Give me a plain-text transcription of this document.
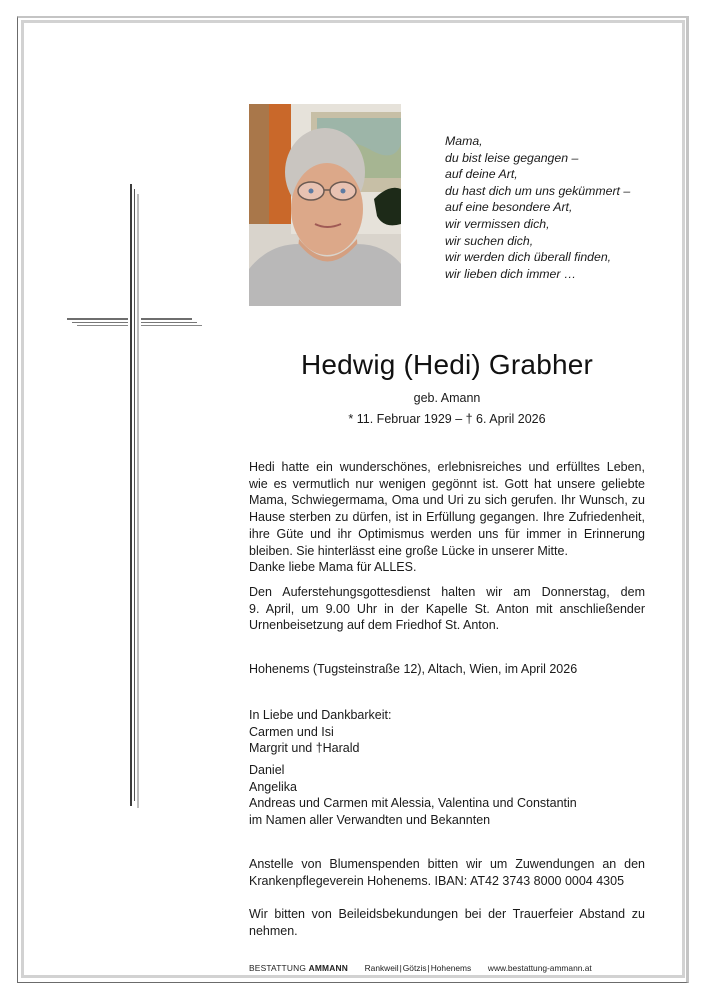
Mama,
du bist leise gegangen –
auf deine Art,
du hast dich um uns gekümmert –
auf eine besondere Art,
wir vermissen dich,
wir suchen dich,
wir werden dich überall finden,
wir lieben dich immer …
Hedwig (Hedi) Grabher
geb. Amann
* 11. Februar 1929 – † 6. April 2026
Hedi hatte ein wunderschönes, erlebnisreiches und erfülltes Leben,
wie es vermutlich nur wenigen gegönnt ist. Gott hat unsere geliebte
Mama, Schwiegermama, Oma und Uri zu sich gerufen. Ihr Wunsch, zu
Hause sterben zu dürfen, ist in Erfüllung gegangen. Ihre Zufriedenheit,
ihre Güte und ihr Optimismus werden uns für immer in Erinnerung
bleiben. Sie hinterlässt eine große Lücke in unserer Mitte.
Danke liebe Mama für ALLES.
Den Auferstehungsgottesdienst halten wir am Donnerstag, dem
9. April, um 9.00 Uhr in der Kapelle St. Anton mit anschließender
Urnenbeisetzung auf dem Friedhof St. Anton.
Hohenems (Tugsteinstraße 12), Altach, Wien, im April 2026
In Liebe und Dankbarkeit:
Carmen und Isi
Margrit und †Harald
Daniel
Angelika
Andreas und Carmen mit Alessia, Valentina und Constantin
im Namen aller Verwandten und Bekannten
Anstelle von Blumenspenden bitten wir um Zuwendungen an den
Krankenpflegeverein Hohenems. IBAN: AT42 3743 8000 0004 4305
Wir bitten von Beileidsbekundungen bei der Trauerfeier Abstand zu
nehmen.
BESTATTUNG AMMANN Rankweil|Götzis|Hohenems www.bestattung-ammann.at
